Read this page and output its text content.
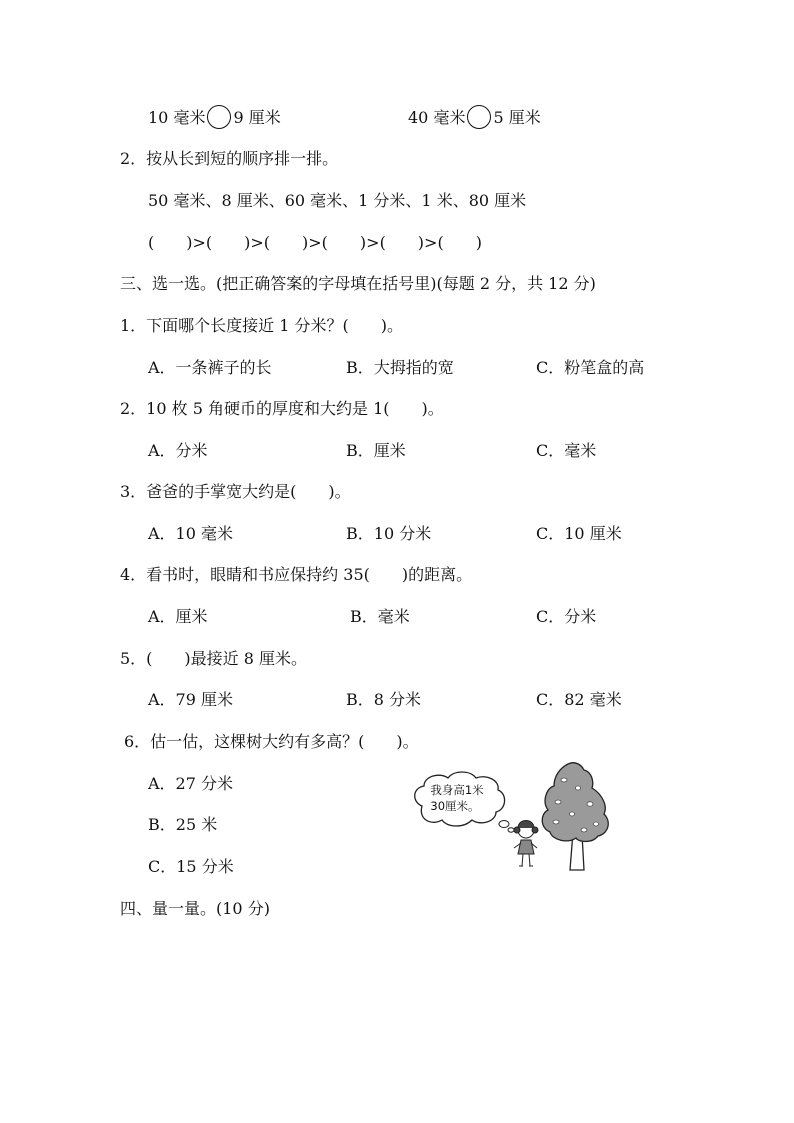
10 毫米 9 厘米	40 毫米 5 厘米
2．按从长到短的顺序排一排。
50 毫米、8 厘米、60 毫米、1 分米、1 米、80 厘米
(　　)>(　　)>(　　)>(　　)>(　　)>(　　)
三、选一选。(把正确答案的字母填在括号里)(每题 2 分，共 12 分)
1．下面哪个长度接近 1 分米？(　　)。
A．一条裤子的长	B．大拇指的宽	C．粉笔盒的高
2．10 枚 5 角硬币的厚度和大约是 1(　　)。
A．分米	B．厘米	C．毫米
3．爸爸的手掌宽大约是(　　)。
A．10 毫米	B．10 分米	C．10 厘米
4．看书时，眼睛和书应保持约 35(　　)的距离。
A．厘米	B．毫米	C．分米
5．(　　)最接近 8 厘米。
A．79 厘米	B．8 分米	C．82 毫米
6．估一估，这棵树大约有多高？(　　)。
A．27 分米
B．25 米
C．15 分米
我身高1米
30厘米。
四、量一量。(10 分)
